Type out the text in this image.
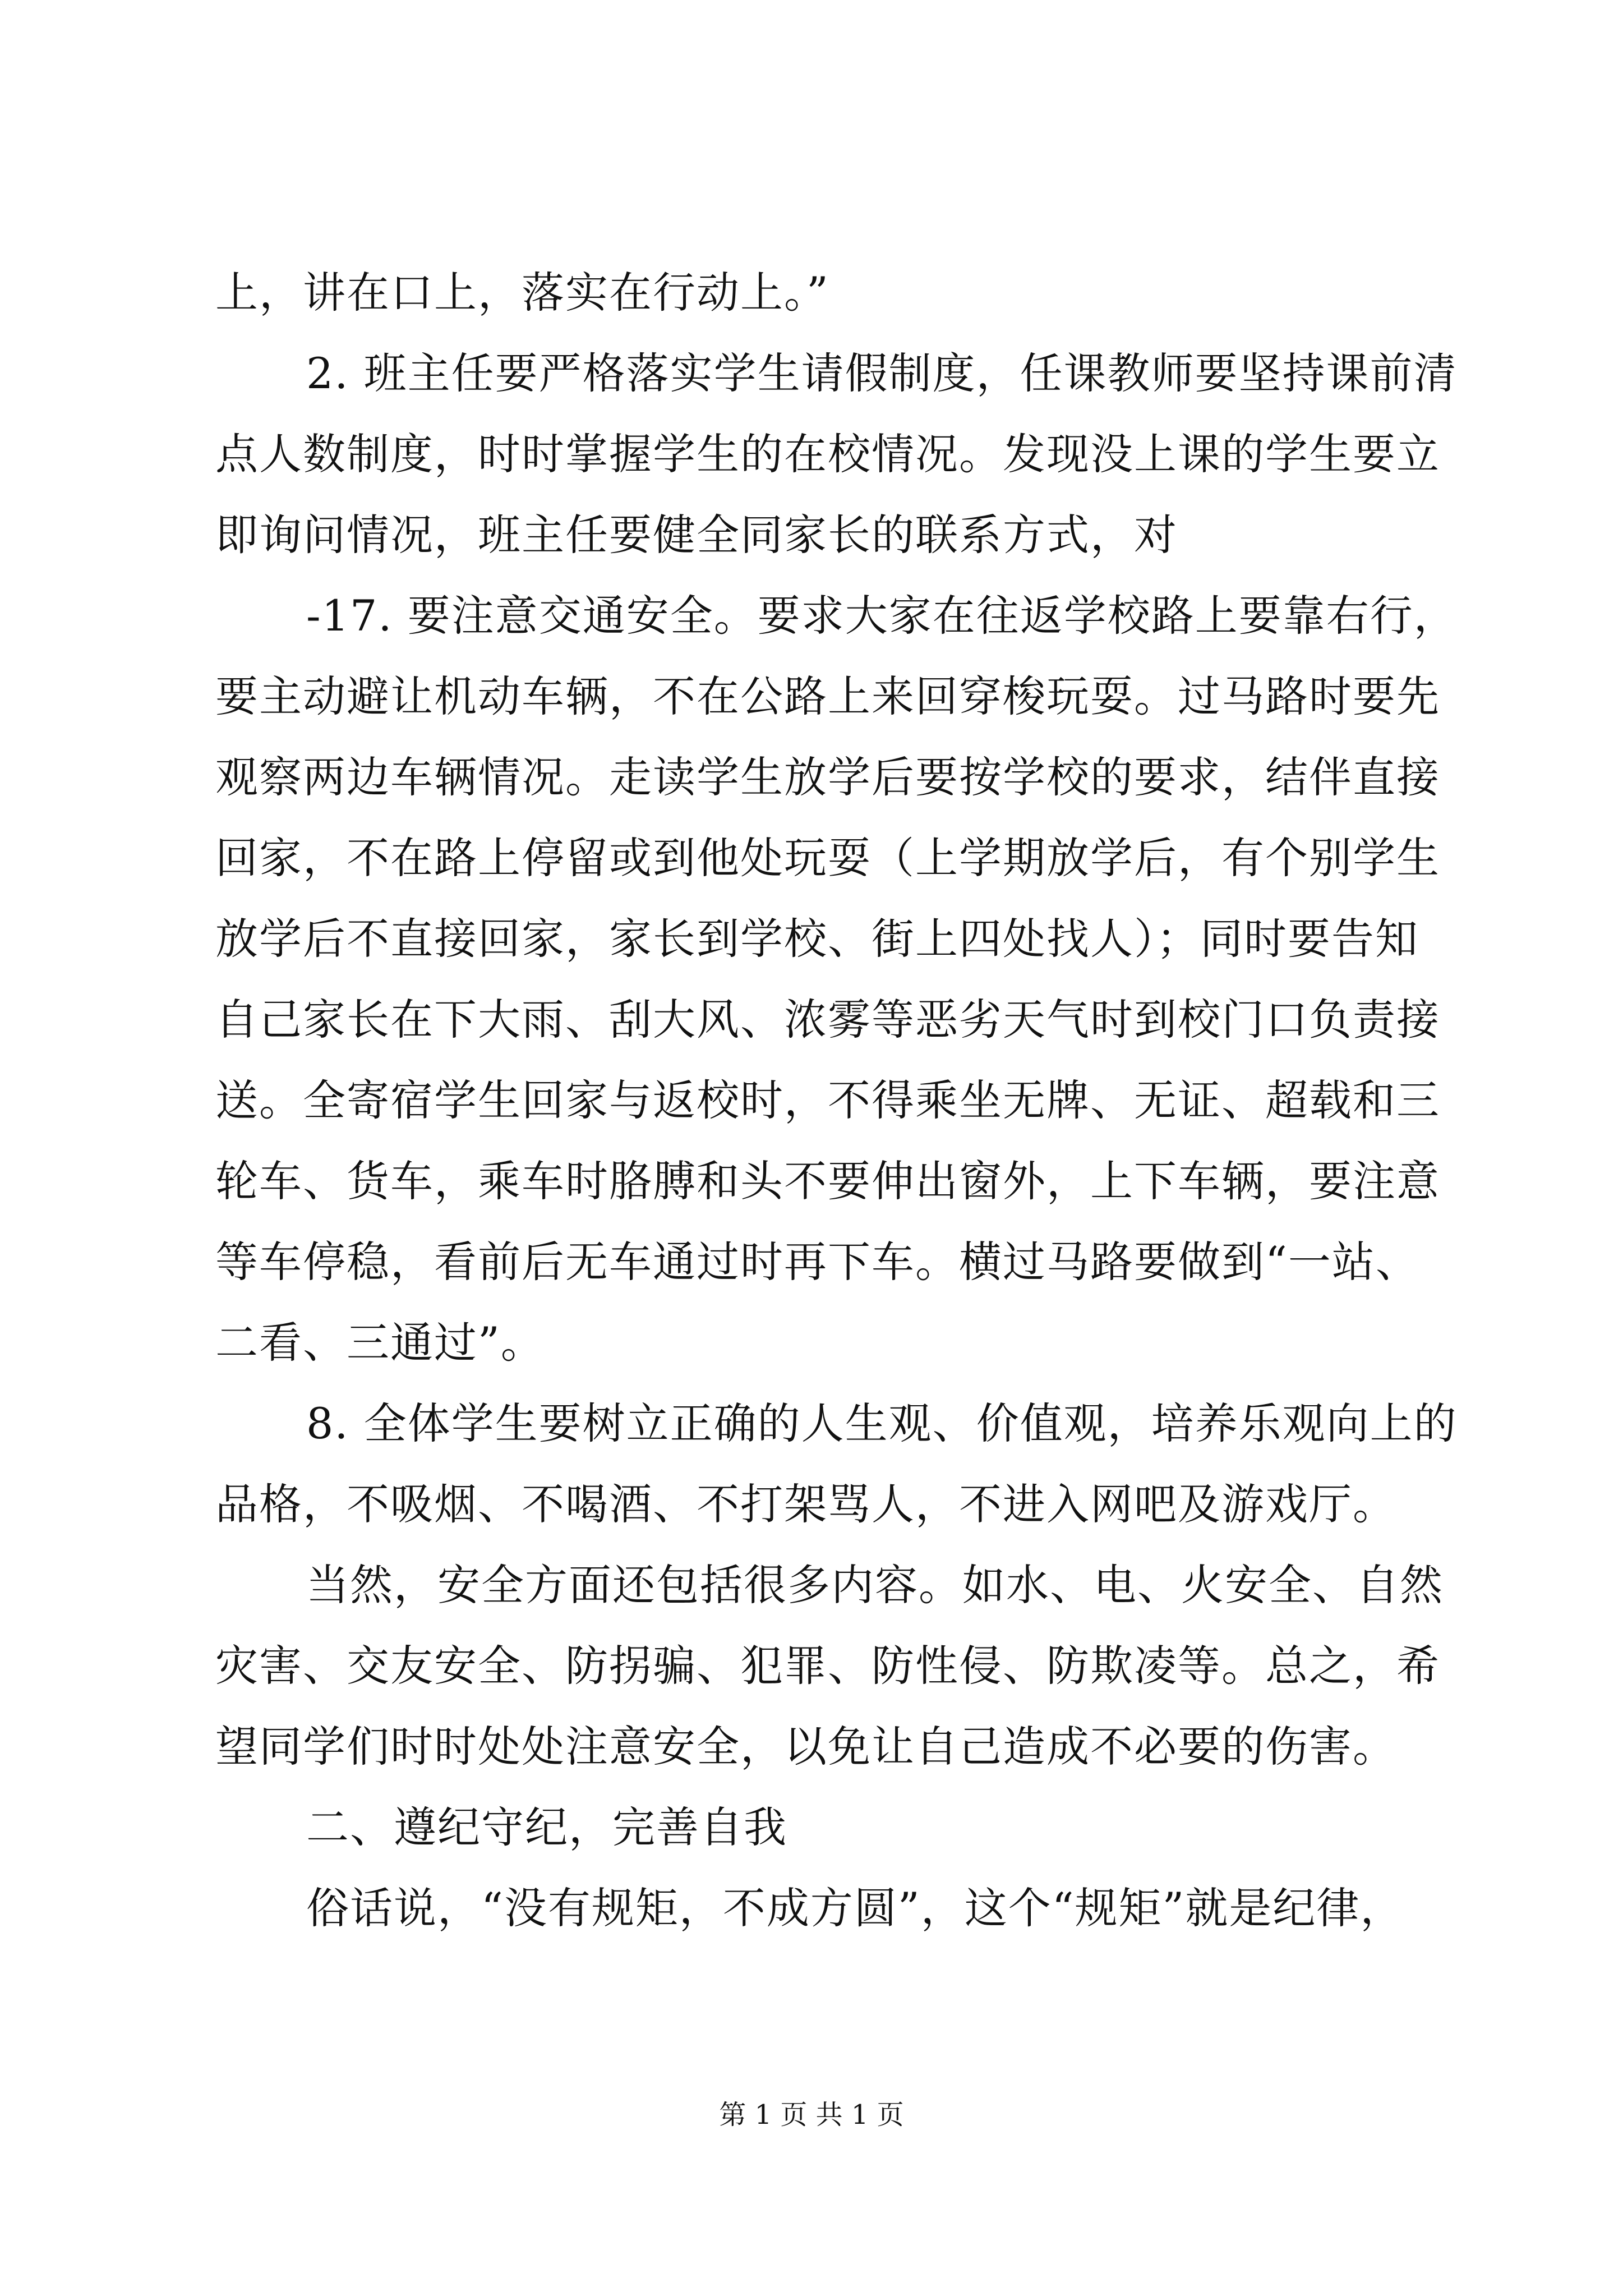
上，讲在口上，落实在行动上。”
2. 班主任要严格落实学生请假制度，任课教师要坚持课前清
点人数制度，时时掌握学生的在校情况。发现没上课的学生要立
即询问情况，班主任要健全同家长的联系方式，对
-17. 要注意交通安全。要求大家在往返学校路上要靠右行，
要主动避让机动车辆，不在公路上来回穿梭玩耍。过马路时要先
观察两边车辆情况。走读学生放学后要按学校的要求，结伴直接
回家，不在路上停留或到他处玩耍（上学期放学后，有个别学生
放学后不直接回家，家长到学校、街上四处找人）；同时要告知
自己家长在下大雨、刮大风、浓雾等恶劣天气时到校门口负责接
送。全寄宿学生回家与返校时，不得乘坐无牌、无证、超载和三
轮车、货车，乘车时胳膊和头不要伸出窗外，上下车辆，要注意
等车停稳，看前后无车通过时再下车。横过马路要做到“一站、
二看、三通过”。
8. 全体学生要树立正确的人生观、价值观，培养乐观向上的
品格，不吸烟、不喝酒、不打架骂人，不进入网吧及游戏厅。
当然，安全方面还包括很多内容。如水、电、火安全、自然
灾害、交友安全、防拐骗、犯罪、防性侵、防欺凌等。总之，希
望同学们时时处处注意安全，以免让自己造成不必要的伤害。
二、遵纪守纪，完善自我
俗话说，“没有规矩，不成方圆”，这个“规矩”就是纪律，
第 1 页 共 1 页
